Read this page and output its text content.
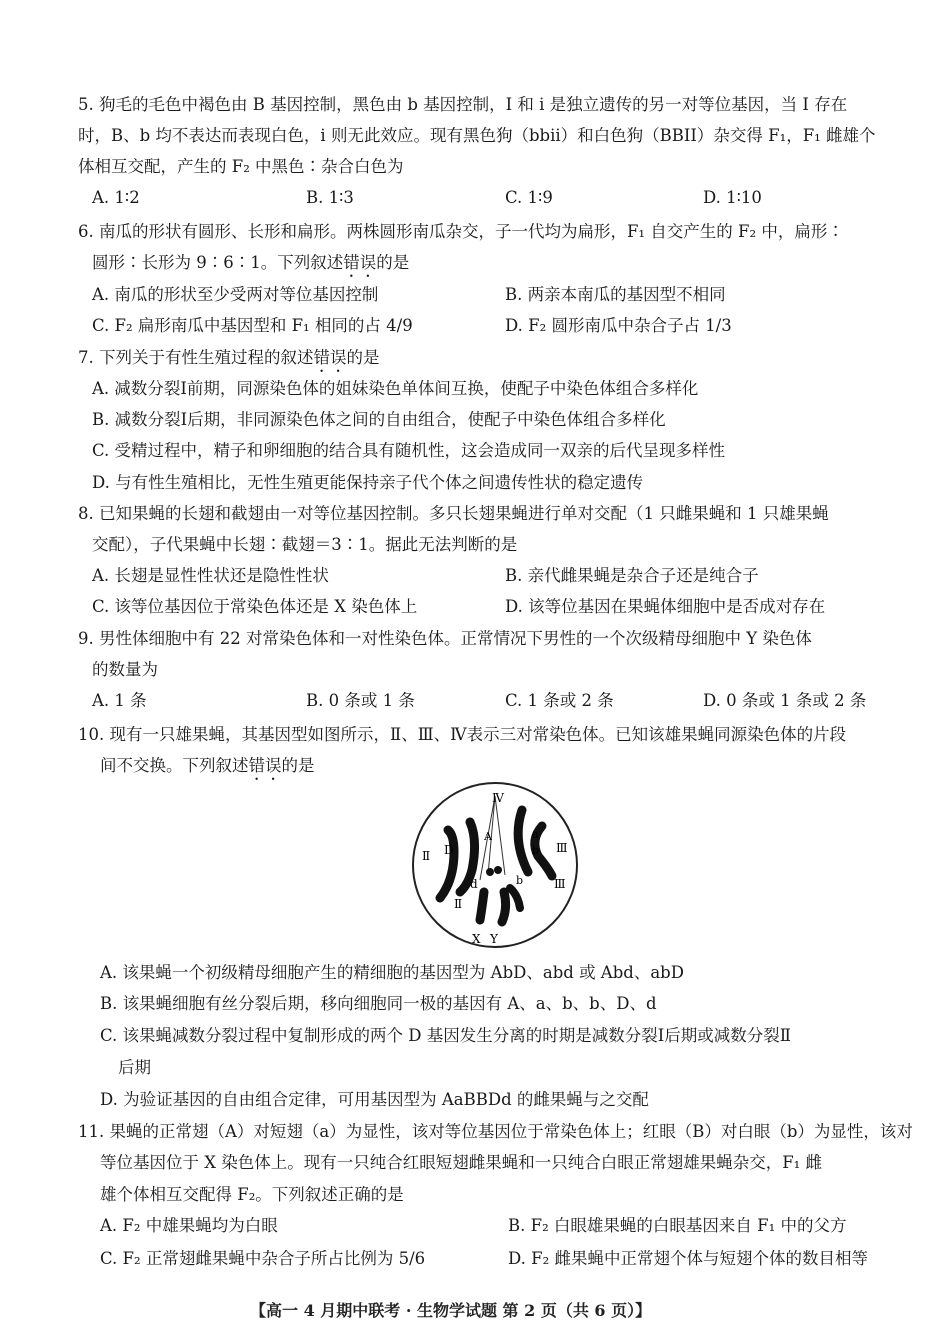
5. 狗毛的毛色中褐色由 B 基因控制，黑色由 b 基因控制，I 和 i 是独立遗传的另一对等位基因，当 I 存在
时，B、b 均不表达而表现白色，i 则无此效应。现有黑色狗（bbii）和白色狗（BBII）杂交得 F₁，F₁ 雌雄个
体相互交配，产生的 F₂ 中黑色∶杂合白色为
A. 1∶2	B. 1∶3	C. 1∶9	D. 1∶10
6. 南瓜的形状有圆形、长形和扁形。两株圆形南瓜杂交，子一代均为扁形，F₁ 自交产生的 F₂ 中，扁形∶
圆形∶长形为 9∶6∶1。下列叙述错误的是
A. 南瓜的形状至少受两对等位基因控制	B. 两亲本南瓜的基因型不相同
C. F₂ 扁形南瓜中基因型和 F₁ 相同的占 4/9	D. F₂ 圆形南瓜中杂合子占 1/3
7. 下列关于有性生殖过程的叙述错误的是
A. 减数分裂Ⅰ前期，同源染色体的姐妹染色单体间互换，使配子中染色体组合多样化
B. 减数分裂Ⅰ后期，非同源染色体之间的自由组合，使配子中染色体组合多样化
C. 受精过程中，精子和卵细胞的结合具有随机性，这会造成同一双亲的后代呈现多样性
D. 与有性生殖相比，无性生殖更能保持亲子代个体之间遗传性状的稳定遗传
8. 已知果蝇的长翅和截翅由一对等位基因控制。多只长翅果蝇进行单对交配（1 只雌果蝇和 1 只雄果蝇
交配），子代果蝇中长翅∶截翅＝3∶1。据此无法判断的是
A. 长翅是显性性状还是隐性性状	B. 亲代雌果蝇是杂合子还是纯合子
C. 该等位基因位于常染色体还是 X 染色体上	D. 该等位基因在果蝇体细胞中是否成对存在
9. 男性体细胞中有 22 对常染色体和一对性染色体。正常情况下男性的一个次级精母细胞中 Y 染色体
的数量为
A. 1 条	B. 0 条或 1 条	C. 1 条或 2 条	D. 0 条或 1 条或 2 条
10. 现有一只雄果蝇，其基因型如图所示，Ⅱ、Ⅲ、Ⅳ表示三对常染色体。已知该雄果蝇同源染色体的片段
间不交换。下列叙述错误的是
Ⅳ
Ⅱ
Ⅱ
Ⅲ
Ⅲ
D
d
A	a
b
b
X Y
A. 该果蝇一个初级精母细胞产生的精细胞的基因型为 AbD、abd 或 Abd、abD
B. 该果蝇细胞有丝分裂后期，移向细胞同一极的基因有 A、a、b、b、D、d
C. 该果蝇减数分裂过程中复制形成的两个 D 基因发生分离的时期是减数分裂Ⅰ后期或减数分裂Ⅱ
后期
D. 为验证基因的自由组合定律，可用基因型为 AaBBDd 的雌果蝇与之交配
11. 果蝇的正常翅（A）对短翅（a）为显性，该对等位基因位于常染色体上；红眼（B）对白眼（b）为显性，该对
等位基因位于 X 染色体上。现有一只纯合红眼短翅雌果蝇和一只纯合白眼正常翅雄果蝇杂交，F₁ 雌
雄个体相互交配得 F₂。下列叙述正确的是
A. F₂ 中雄果蝇均为白眼	B. F₂ 白眼雄果蝇的白眼基因来自 F₁ 中的父方
C. F₂ 正常翅雌果蝇中杂合子所占比例为 5/6	D. F₂ 雌果蝇中正常翅个体与短翅个体的数目相等
【高一 4 月期中联考 · 生物学试题 第 2 页（共 6 页）】
